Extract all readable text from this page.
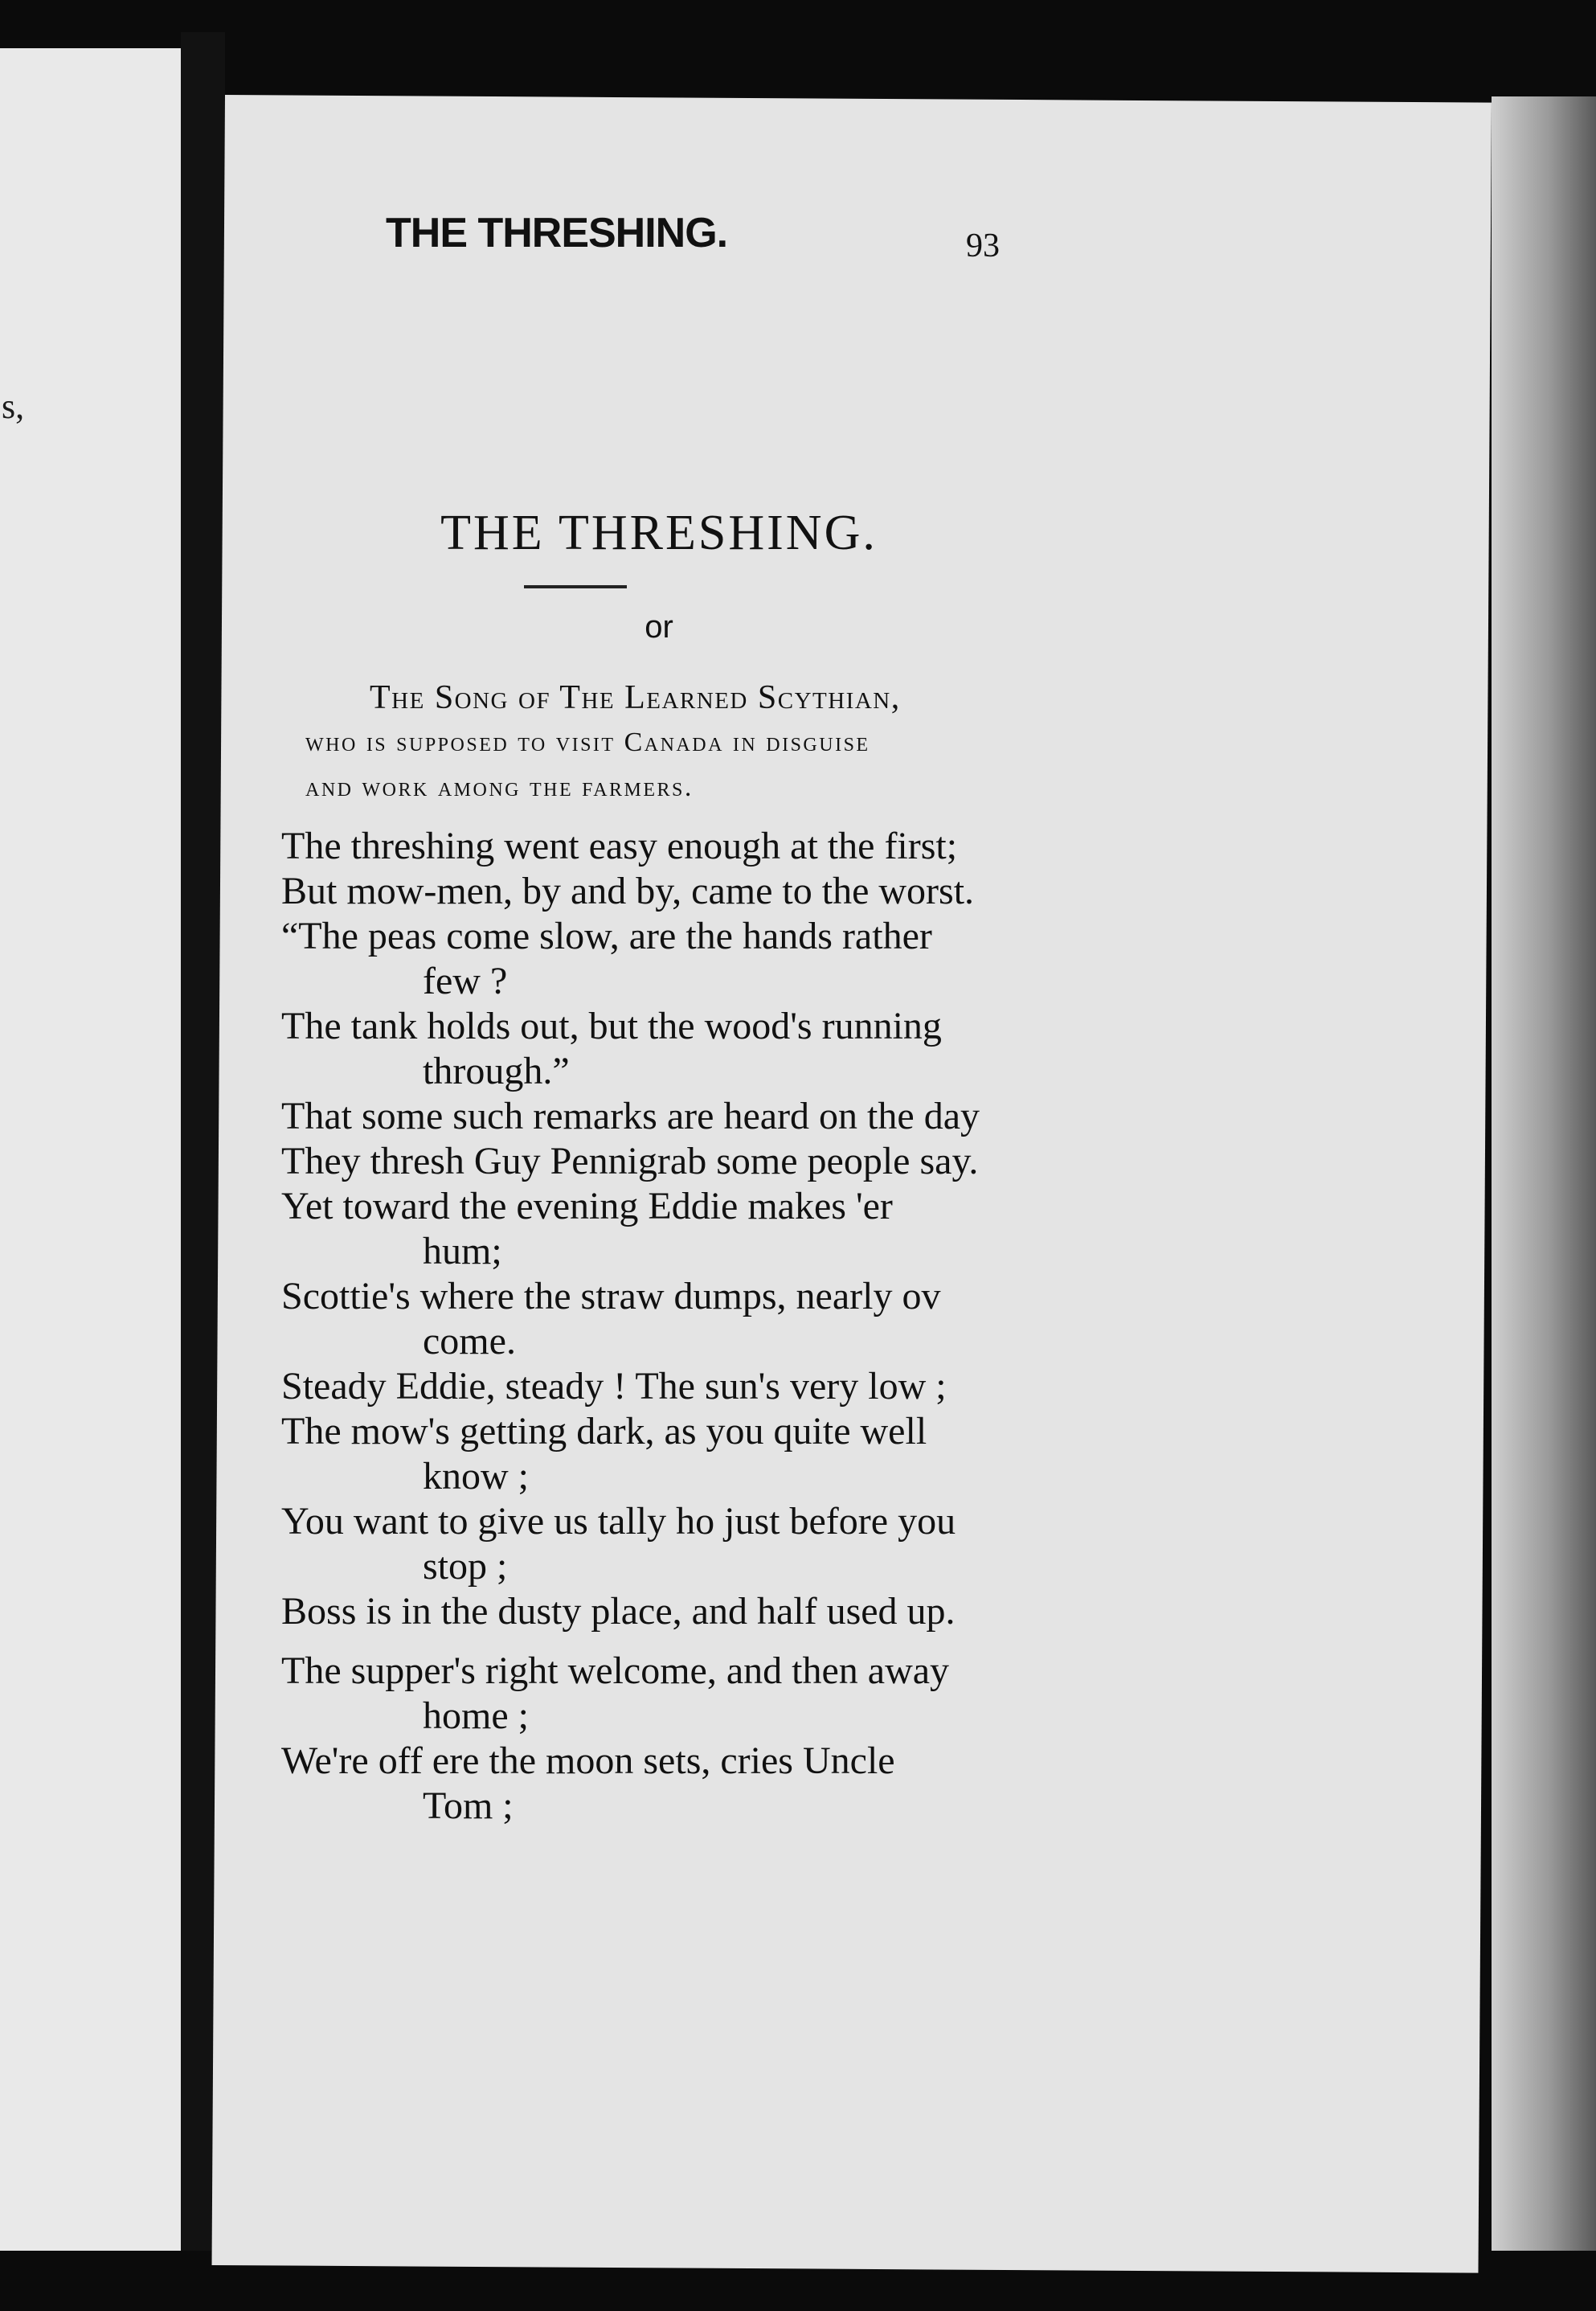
s,
THE THRESHING.	93
THE THRESHING.
or
The Song of The Learned Scythian,
who is supposed to visit Canada in disguise
and work among the farmers.
The threshing went easy enough at the first;
But mow-men, by and by, came to the worst.
“The peas come slow, are the hands rather
few ?
The tank holds out, but the wood's running
through.”
That some such remarks are heard on the day
They thresh Guy Pennigrab some people say.
Yet toward the evening Eddie makes 'er
hum;
Scottie's where the straw dumps, nearly ov
come.
Steady Eddie, steady ! The sun's very low ;
The mow's getting dark, as you quite well
know ;
You want to give us tally ho just before you
stop ;
Boss is in the dusty place, and half used up.
The supper's right welcome, and then away
home ;
We're off ere the moon sets, cries Uncle
Tom ;
